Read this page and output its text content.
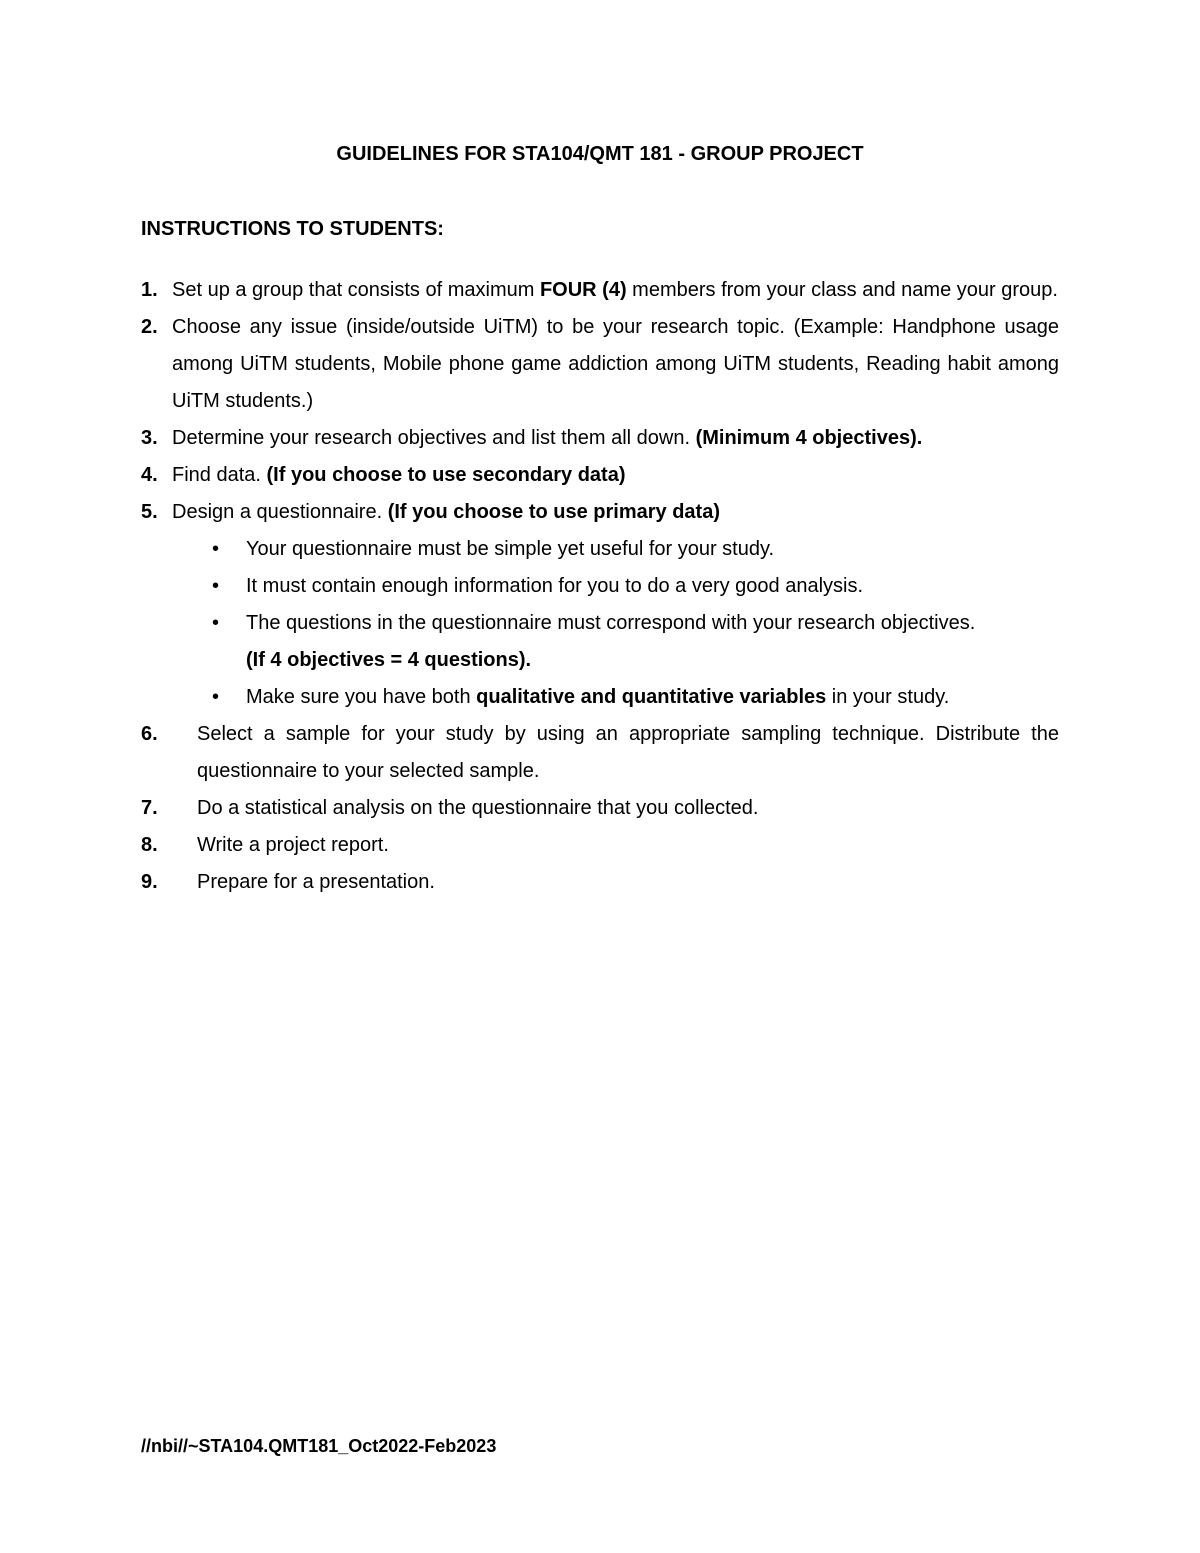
GUIDELINES FOR STA104/QMT 181 - GROUP PROJECT
INSTRUCTIONS TO STUDENTS:
1. Set up a group that consists of maximum FOUR (4) members from your class and name your group.
2. Choose any issue (inside/outside UiTM) to be your research topic. (Example: Handphone usage among UiTM students, Mobile phone game addiction among UiTM students, Reading habit among UiTM students.)
3. Determine your research objectives and list them all down. (Minimum 4 objectives).
4. Find data. (If you choose to use secondary data)
5. Design a questionnaire. (If you choose to use primary data)
• Your questionnaire must be simple yet useful for your study.
• It must contain enough information for you to do a very good analysis.
• The questions in the questionnaire must correspond with your research objectives.
(If 4 objectives = 4 questions).
• Make sure you have both qualitative and quantitative variables in your study.
6. Select a sample for your study by using an appropriate sampling technique. Distribute the questionnaire to your selected sample.
7. Do a statistical analysis on the questionnaire that you collected.
8. Write a project report.
9. Prepare for a presentation.
//nbi//~STA104.QMT181_Oct2022-Feb2023
